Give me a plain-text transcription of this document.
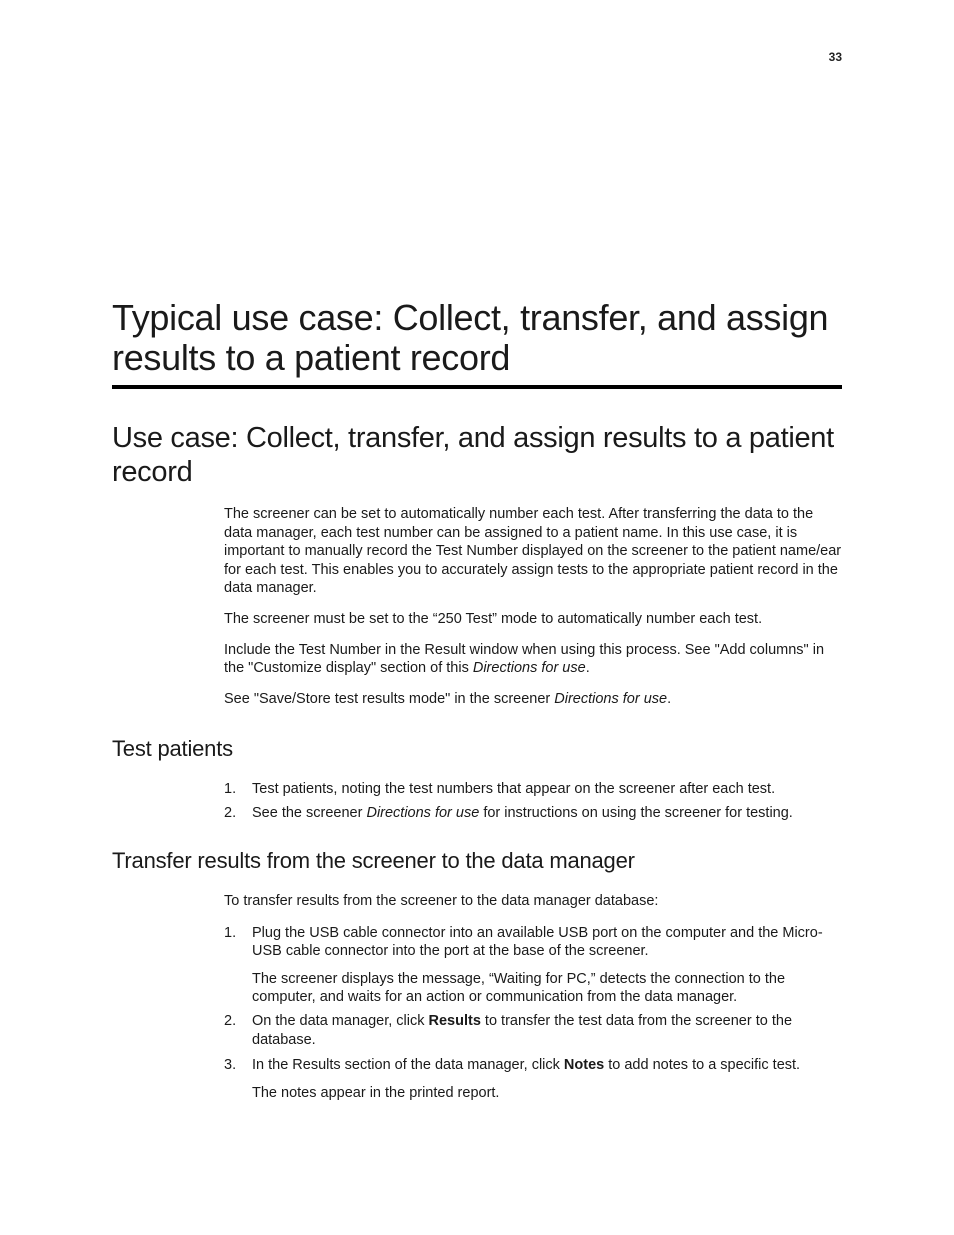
33
Typical use case: Collect, transfer, and assign results to a patient record
Use case: Collect, transfer, and assign results to a patient record

The screener can be set to automatically number each test. After transferring the data to the data manager, each test number can be assigned to a patient name. In this use case, it is important to manually record the Test Number displayed on the screener to the patient name/ear for each test. This enables you to accurately assign tests to the appropriate patient record in the data manager.

The screener must be set to the “250 Test” mode to automatically number each test.

Include the Test Number in the Result window when using this process. See "Add columns" in the "Customize display" section of this Directions for use.

See "Save/Store test results mode" in the screener Directions for use.

Test patients
1. Test patients, noting the test numbers that appear on the screener after each test.
2. See the screener Directions for use for instructions on using the screener for testing.
Transfer results from the screener to the data manager

To transfer results from the screener to the data manager database:

1. Plug the USB cable connector into an available USB port on the computer and the Micro-USB cable connector into the port at the base of the screener.

The screener displays the message, “Waiting for PC,” detects the connection to the computer, and waits for an action or communication from the data manager.

2. On the data manager, click Results to transfer the test data from the screener to the database.
3. In the Results section of the data manager, click Notes to add notes to a specific test.

The notes appear in the printed report.
